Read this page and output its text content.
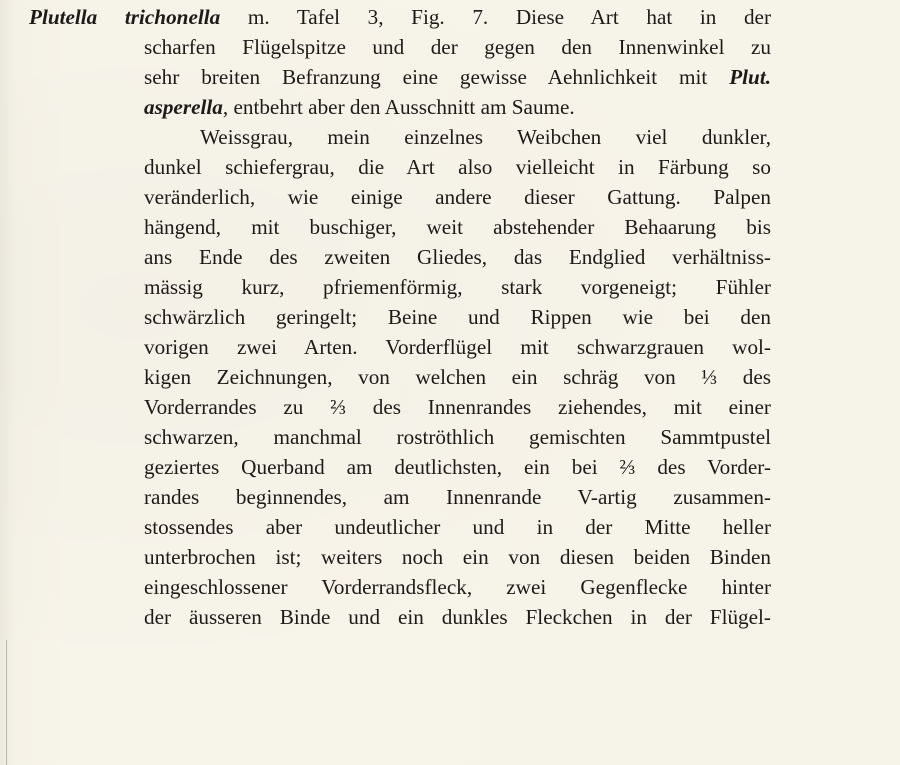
Plutella trichonella m. Tafel 3, Fig. 7. Diese Art hat in der
scharfen Flügelspitze und der gegen den Innenwinkel zu
sehr breiten Befranzung eine gewisse Aehnlichkeit mit Plut.
asperella, entbehrt aber den Ausschnitt am Saume.
Weissgrau, mein einzelnes Weibchen viel dunkler,
dunkel schiefergrau, die Art also vielleicht in Färbung so
veränderlich, wie einige andere dieser Gattung. Palpen
hängend, mit buschiger, weit abstehender Behaarung bis
ans Ende des zweiten Gliedes, das Endglied verhältniss-
mässig kurz, pfriemenförmig, stark vorgeneigt; Fühler
schwärzlich geringelt; Beine und Rippen wie bei den
vorigen zwei Arten. Vorderflügel mit schwarzgrauen wol-
kigen Zeichnungen, von welchen ein schräg von ⅓ des
Vorderrandes zu ⅔ des Innenrandes ziehendes, mit einer
schwarzen, manchmal roströthlich gemischten Sammtpustel
geziertes Querband am deutlichsten, ein bei ⅔ des Vorder-
randes beginnendes, am Innenrande V-artig zusammen-
stossendes aber undeutlicher und in der Mitte heller
unterbrochen ist; weiters noch ein von diesen beiden Binden
eingeschlossener Vorderrandsfleck, zwei Gegenflecke hinter
der äusseren Binde und ein dunkles Fleckchen in der Flügel-
